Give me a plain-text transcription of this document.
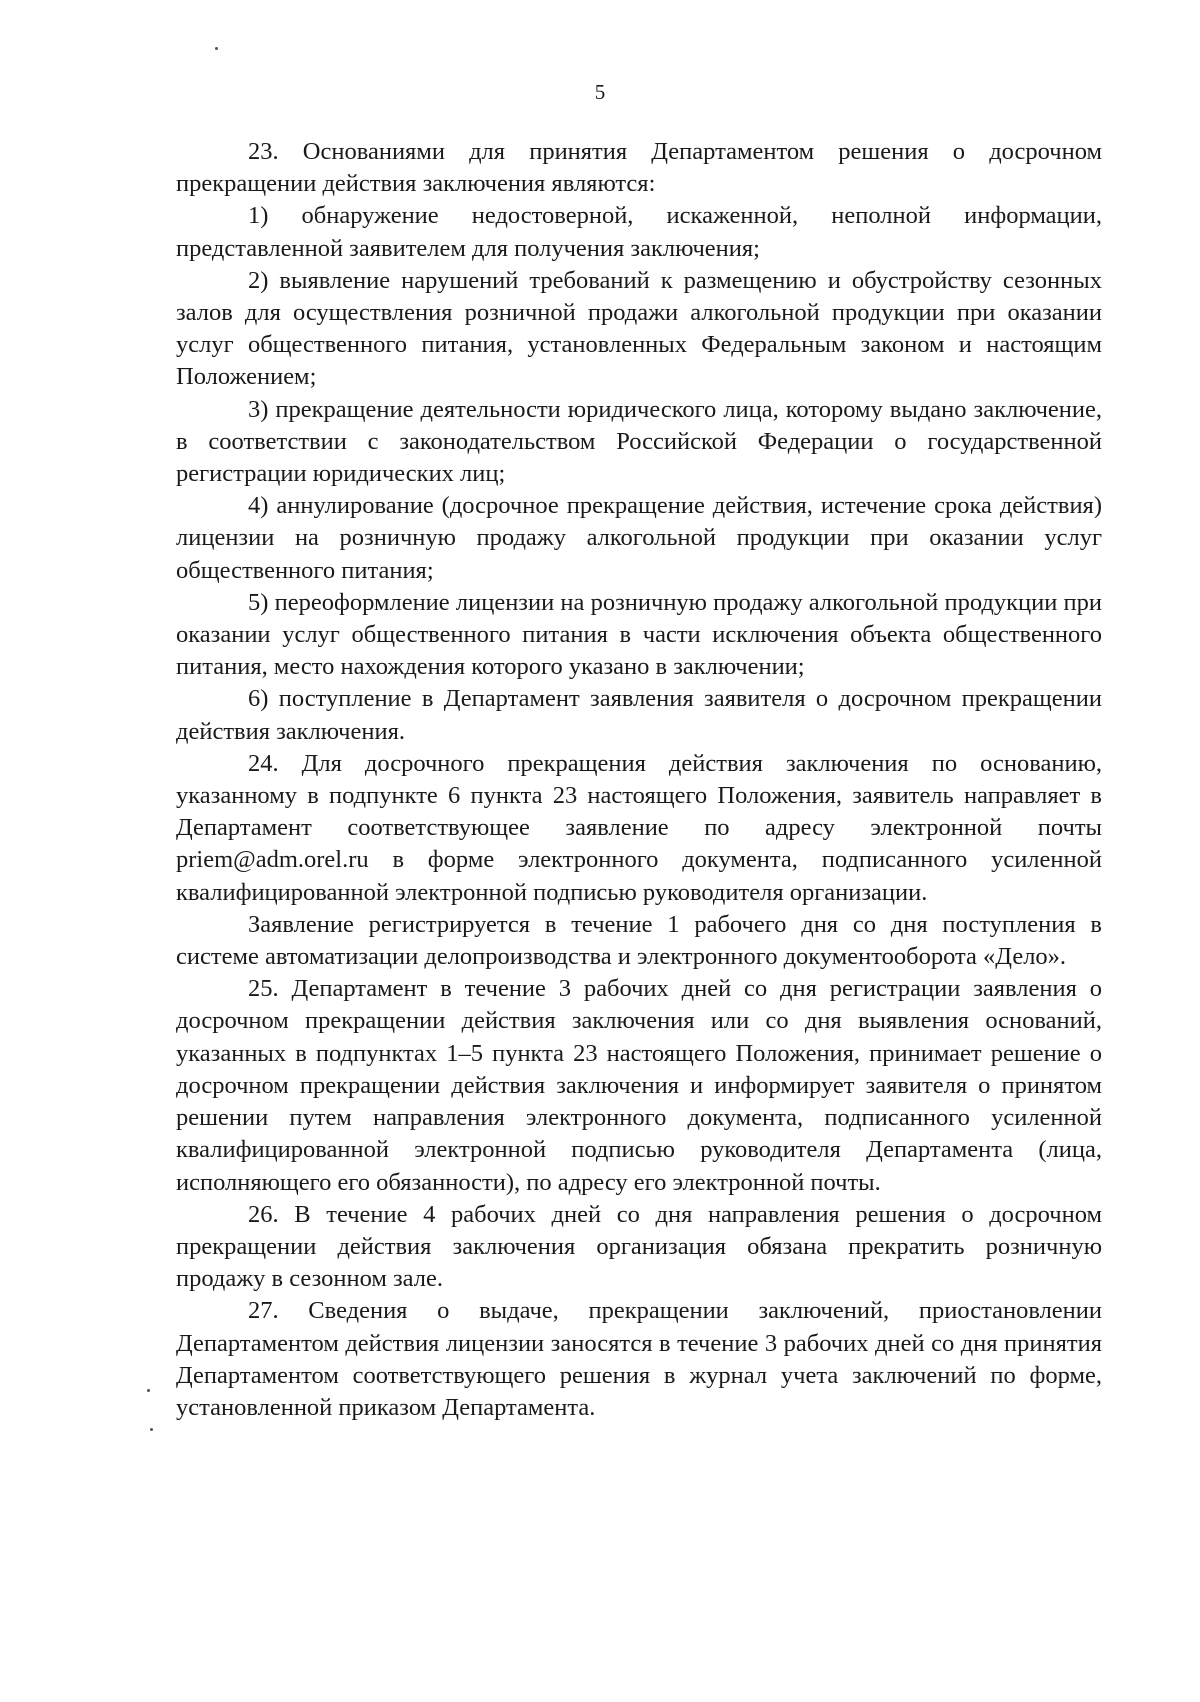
5

23. Основаниями для принятия Департаментом решения о досрочном прекращении действия заключения являются:

1) обнаружение недостоверной, искаженной, неполной информации, представленной заявителем для получения заключения;

2) выявление нарушений требований к размещению и обустройству сезонных залов для осуществления розничной продажи алкогольной продукции при оказании услуг общественного питания, установленных Федеральным законом и настоящим Положением;

3) прекращение деятельности юридического лица, которому выдано заключение, в соответствии с законодательством Российской Федерации о государственной регистрации юридических лиц;

4) аннулирование (досрочное прекращение действия, истечение срока действия) лицензии на розничную продажу алкогольной продукции при оказании услуг общественного питания;

5) переоформление лицензии на розничную продажу алкогольной продукции при оказании услуг общественного питания в части исключения объекта общественного питания, место нахождения которого указано в заключении;

6) поступление в Департамент заявления заявителя о досрочном прекращении действия заключения.

24. Для досрочного прекращения действия заключения по основанию, указанному в подпункте 6 пункта 23 настоящего Положения, заявитель направляет в Департамент соответствующее заявление по адресу электронной почты priem@adm.orel.ru в форме электронного документа, подписанного усиленной квалифицированной электронной подписью руководителя организации.

Заявление регистрируется в течение 1 рабочего дня со дня поступления в системе автоматизации делопроизводства и электронного документооборота «Дело».

25. Департамент в течение 3 рабочих дней со дня регистрации заявления о досрочном прекращении действия заключения или со дня выявления оснований, указанных в подпунктах 1–5 пункта 23 настоящего Положения, принимает решение о досрочном прекращении действия заключения и информирует заявителя о принятом решении путем направления электронного документа, подписанного усиленной квалифицированной электронной подписью руководителя Департамента (лица, исполняющего его обязанности), по адресу его электронной почты.

26. В течение 4 рабочих дней со дня направления решения о досрочном прекращении действия заключения организация обязана прекратить розничную продажу в сезонном зале.

27. Сведения о выдаче, прекращении заключений, приостановлении Департаментом действия лицензии заносятся в течение 3 рабочих дней со дня принятия Департаментом соответствующего решения в журнал учета заключений по форме, установленной приказом Департамента.
